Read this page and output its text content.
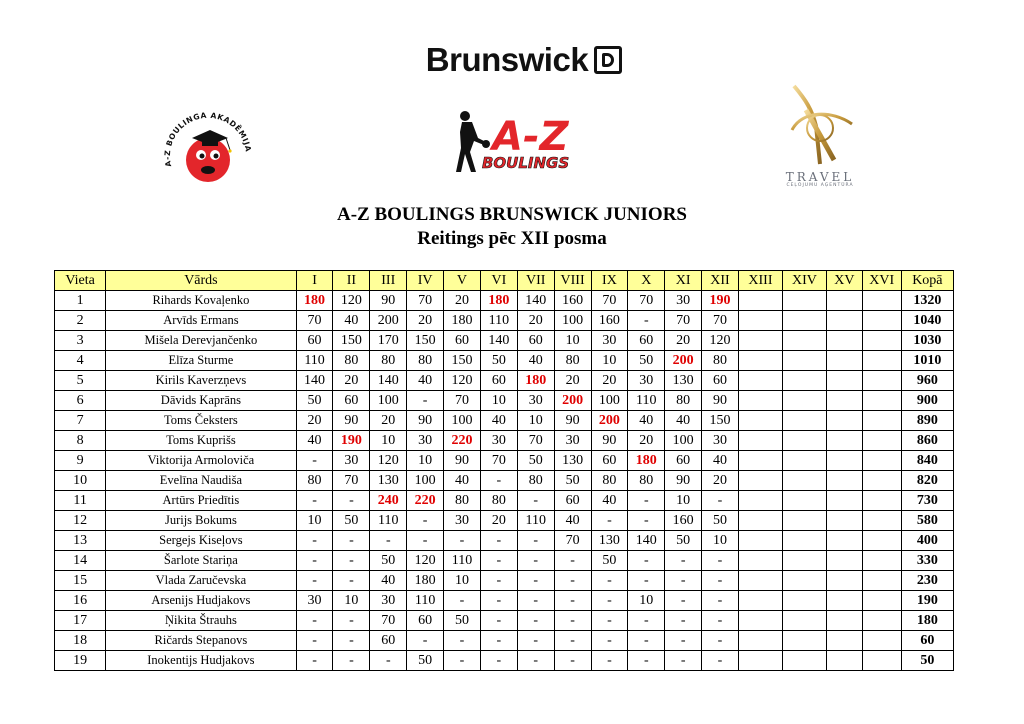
Brunswick
A-Z BOULINGA AKADĒMIJA	A-Z
BOULINGS
TRAVEL
CEĻOJUMU AĢENTŪRA
A-Z BOULINGS BRUNSWICK JUNIORS
Reitings pēc XII posma
Vieta	Vārds	I	II	III	IV	V	VI	VII	VIII	IX	X	XI	XII	XIII	XIV	XV	XVI	Kopā
1	Rihards Kovaļenko	180	120	90	70	20	180	140	160	70	70	30	190					1320
2	Arvīds Ermans	70	40	200	20	180	110	20	100	160	-	70	70					1040
3	Mišela Derevjančenko	60	150	170	150	60	140	60	10	30	60	20	120					1030
4	Elīza Sturme	110	80	80	80	150	50	40	80	10	50	200	80					1010
5	Kirils Kaverzņevs	140	20	140	40	120	60	180	20	20	30	130	60					960
6	Dāvids Kaprāns	50	60	100	-	70	10	30	200	100	110	80	90					900
7	Toms Čeksters	20	90	20	90	100	40	10	90	200	40	40	150					890
8	Toms Kuprišs	40	190	10	30	220	30	70	30	90	20	100	30					860
9	Viktorija Armoloviča	-	30	120	10	90	70	50	130	60	180	60	40					840
10	Evelīna Naudiša	80	70	130	100	40	-	80	50	80	80	90	20					820
11	Artūrs Priedītis	-	-	240	220	80	80	-	60	40	-	10	-					730
12	Jurijs Bokums	10	50	110	-	30	20	110	40	-	-	160	50					580
13	Sergejs Kiseļovs	-	-	-	-	-	-	-	70	130	140	50	10					400
14	Šarlote Stariņa	-	-	50	120	110	-	-	-	50	-	-	-					330
15	Vlada Zaručevska	-	-	40	180	10	-	-	-	-	-	-	-					230
16	Arsenijs Hudjakovs	30	10	30	110	-	-	-	-	-	10	-	-					190
17	Ņikita Štrauhs	-	-	70	60	50	-	-	-	-	-	-	-					180
18	Ričards Stepanovs	-	-	60	-	-	-	-	-	-	-	-	-					60
19	Inokentijs Hudjakovs	-	-	-	50	-	-	-	-	-	-	-	-					50
